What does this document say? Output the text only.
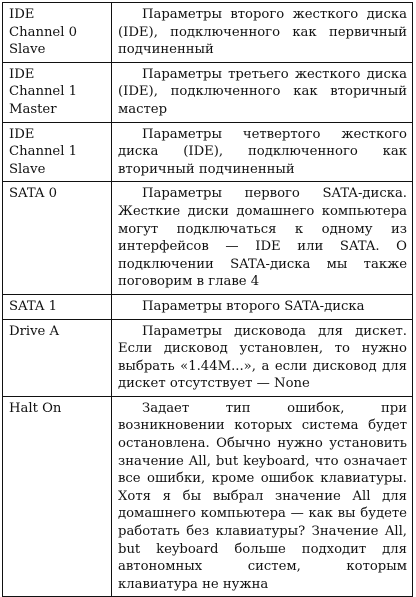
IDE
Channel 0
Slave	Параметры второго жесткого диска (IDE), подключенного как первичный подчиненный

IDE
Channel 1
Master	Параметры третьего жесткого диска (IDE), подключенного как вторичный мастер

IDE
Channel 1
Slave	Параметры четвертого жесткого диска (IDE), подключенного как вторичный подчиненный

SATA 0	Параметры первого SATA-диска. Жесткие диски домашнего компьютера могут подключаться к одному из интерфейсов — IDE или SATA. О подключении SATA-диска мы также поговорим в главе 4

SATA 1	Параметры второго SATA-диска

Drive A	Параметры дисковода для дискет. Если дисковод установлен, то нужно выбрать «1.44M...», а если дисковод для дискет отсутствует — None

Halt On	Задает тип ошибок, при возникновении которых система будет остановлена. Обычно нужно установить значение All, but keyboard, что означает все ошибки, кроме ошибок клавиатуры. Хотя я бы выбрал значение All для домашнего компьютера — как вы будете работать без клавиатуры? Значение All, but keyboard больше подходит для автономных систем, которым клавиатура не нужна
